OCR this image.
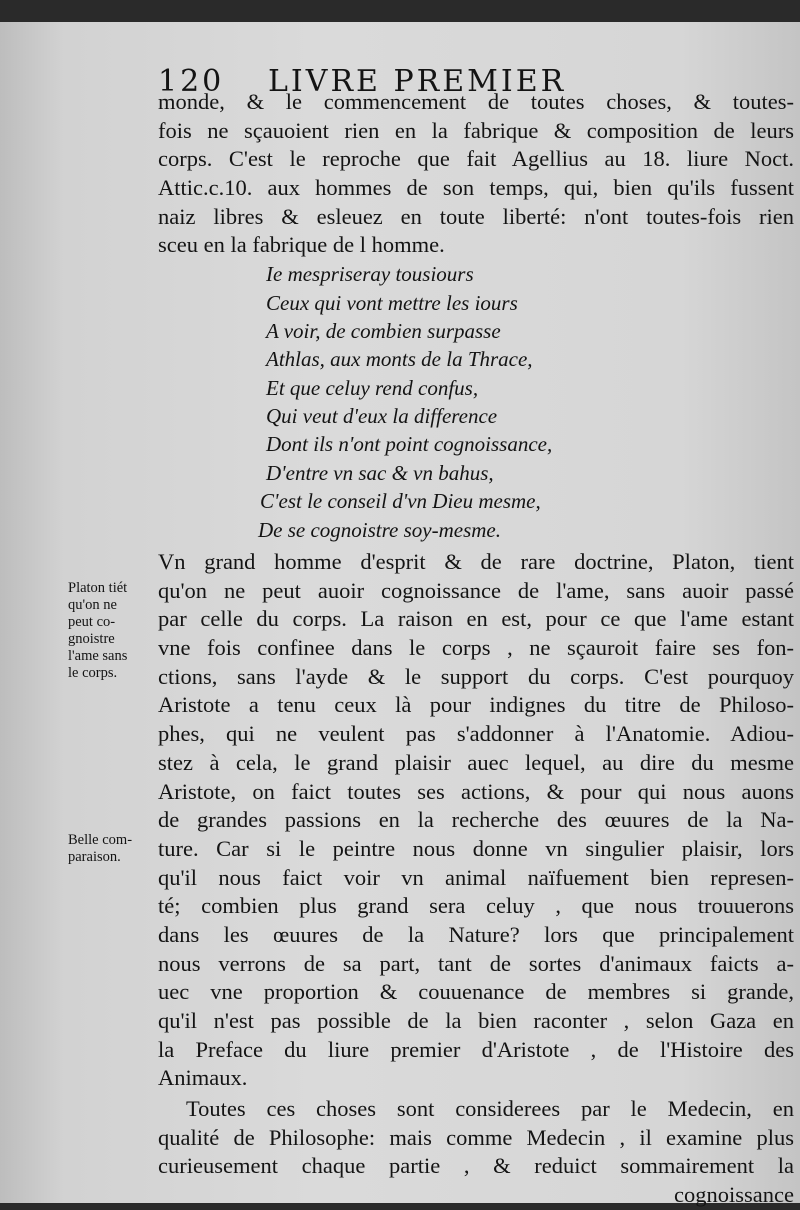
120 LIVRE PREMIER
monde, & le commencement de toutes choses, & toutes-
fois ne sçauoient rien en la fabrique & composition de leurs
corps. C'est le reproche que fait Agellius au 18. liure Noct.
Attic.c.10. aux hommes de son temps, qui, bien qu'ils fussent
naiz libres & esleuez en toute liberté: n'ont toutes-fois rien
sceu en la fabrique de l homme.
Ie mespriseray tousiours
Ceux qui vont mettre les iours
A voir, de combien surpasse
Athlas, aux monts de la Thrace,
Et que celuy rend confus,
Qui veut d'eux la difference
Dont ils n'ont point cognoissance,
D'entre vn sac & vn bahus,
C'est le conseil d'vn Dieu mesme,
De se cognoistre soy-mesme.
Vn grand homme d'esprit & de rare doctrine, Platon, tient
qu'on ne peut auoir cognoissance de l'ame, sans auoir passé
par celle du corps. La raison en est, pour ce que l'ame estant
vne fois confinee dans le corps , ne sçauroit faire ses fon-
ctions, sans l'ayde & le support du corps. C'est pourquoy
Aristote a tenu ceux là pour indignes du titre de Philoso-
phes, qui ne veulent pas s'addonner à l'Anatomie. Adiou-
stez à cela, le grand plaisir auec lequel, au dire du mesme
Aristote, on faict toutes ses actions, & pour qui nous auons
de grandes passions en la recherche des œuures de la Na-
ture. Car si le peintre nous donne vn singulier plaisir, lors
qu'il nous faict voir vn animal naïfuement bien represen-
té; combien plus grand sera celuy , que nous trouuerons
dans les œuures de la Nature? lors que principalement
nous verrons de sa part, tant de sortes d'animaux faicts a-
uec vne proportion & couuenance de membres si grande,
qu'il n'est pas possible de la bien raconter , selon Gaza en
la Preface du liure premier d'Aristote , de l'Histoire des
Animaux.
Toutes ces choses sont considerees par le Medecin, en
qualité de Philosophe: mais comme Medecin , il examine plus
curieusement chaque partie , & reduict sommairement la
cognoissance
Platon tiét
qu'on ne
peut co-
gnoistre
l'ame sans
le corps.
Belle com-
paraison.
